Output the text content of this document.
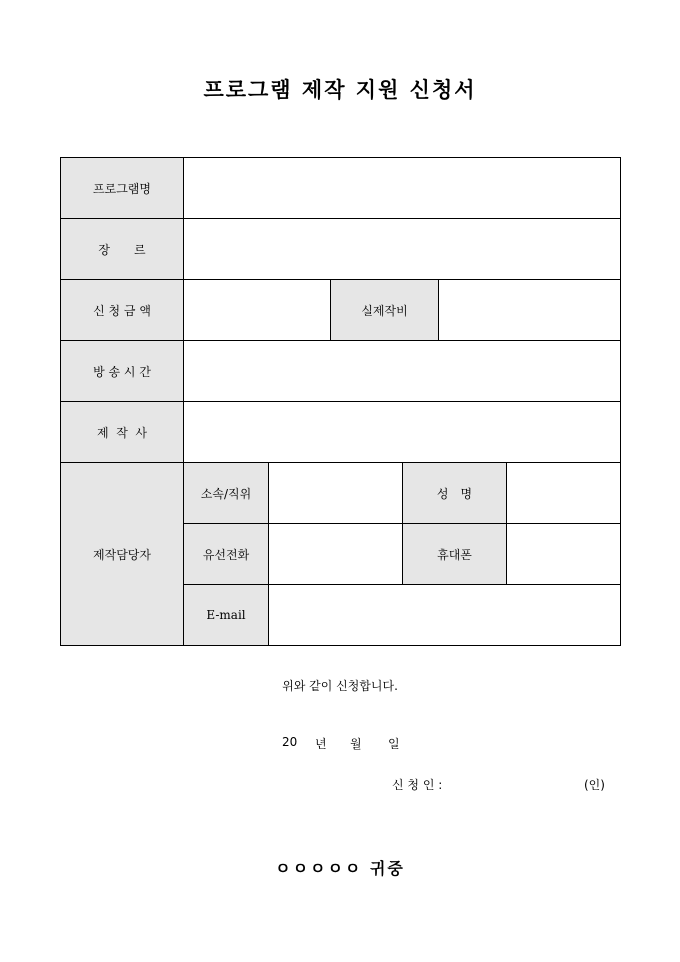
프로그램 제작 지원 신청서
프로그램명						
장　　르						
신 청 금 액			실제작비			
방 송 시 간						
제  작  사						
제작담당자	소속/직위			성　명		
	유선전화			휴대폰		
	E-mail					
위와 같이 신청합니다.
20 년 월 일
신 청 인 :	(인)
ㅇㅇㅇㅇㅇ 귀중
